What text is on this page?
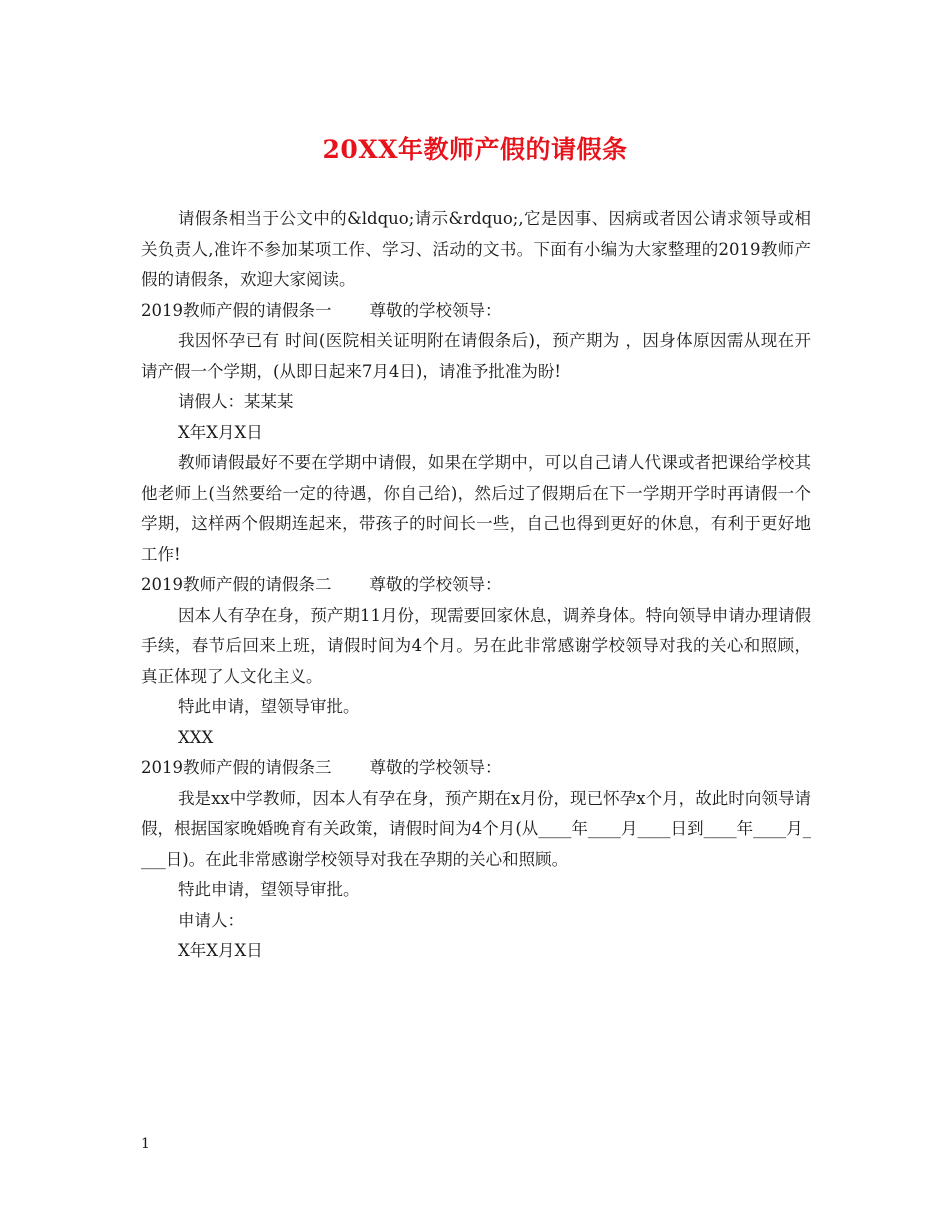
20XX年教师产假的请假条

请假条相当于公文中的&ldquo;请示&rdquo;,它是因事、因病或者因公请求领导或相关负责人,准许不参加某项工作、学习、活动的文书。下面有小编为大家整理的2019教师产假的请假条，欢迎大家阅读。

2019教师产假的请假条一 尊敬的学校领导：

我因怀孕已有 时间(医院相关证明附在请假条后)，预产期为 ，因身体原因需从现在开请产假一个学期，(从即日起来7月4日)，请准予批准为盼!

请假人：某某某

X年X月X日

教师请假最好不要在学期中请假，如果在学期中，可以自己请人代课或者把课给学校其他老师上(当然要给一定的待遇，你自己给)，然后过了假期后在下一学期开学时再请假一个学期，这样两个假期连起来，带孩子的时间长一些，自己也得到更好的休息，有利于更好地工作!

2019教师产假的请假条二 尊敬的学校领导：

因本人有孕在身，预产期11月份，现需要回家休息，调养身体。特向领导申请办理请假手续，春节后回来上班，请假时间为4个月。另在此非常感谢学校领导对我的关心和照顾，真正体现了人文化主义。

特此申请，望领导审批。

XXX

2019教师产假的请假条三 尊敬的学校领导：

我是xx中学教师，因本人有孕在身，预产期在x月份，现已怀孕x个月，故此时向领导请假，根据国家晚婚晚育有关政策，请假时间为4个月(从____年____月____日到____年____月____日)。在此非常感谢学校领导对我在孕期的关心和照顾。

特此申请，望领导审批。

申请人：

X年X月X日

1
